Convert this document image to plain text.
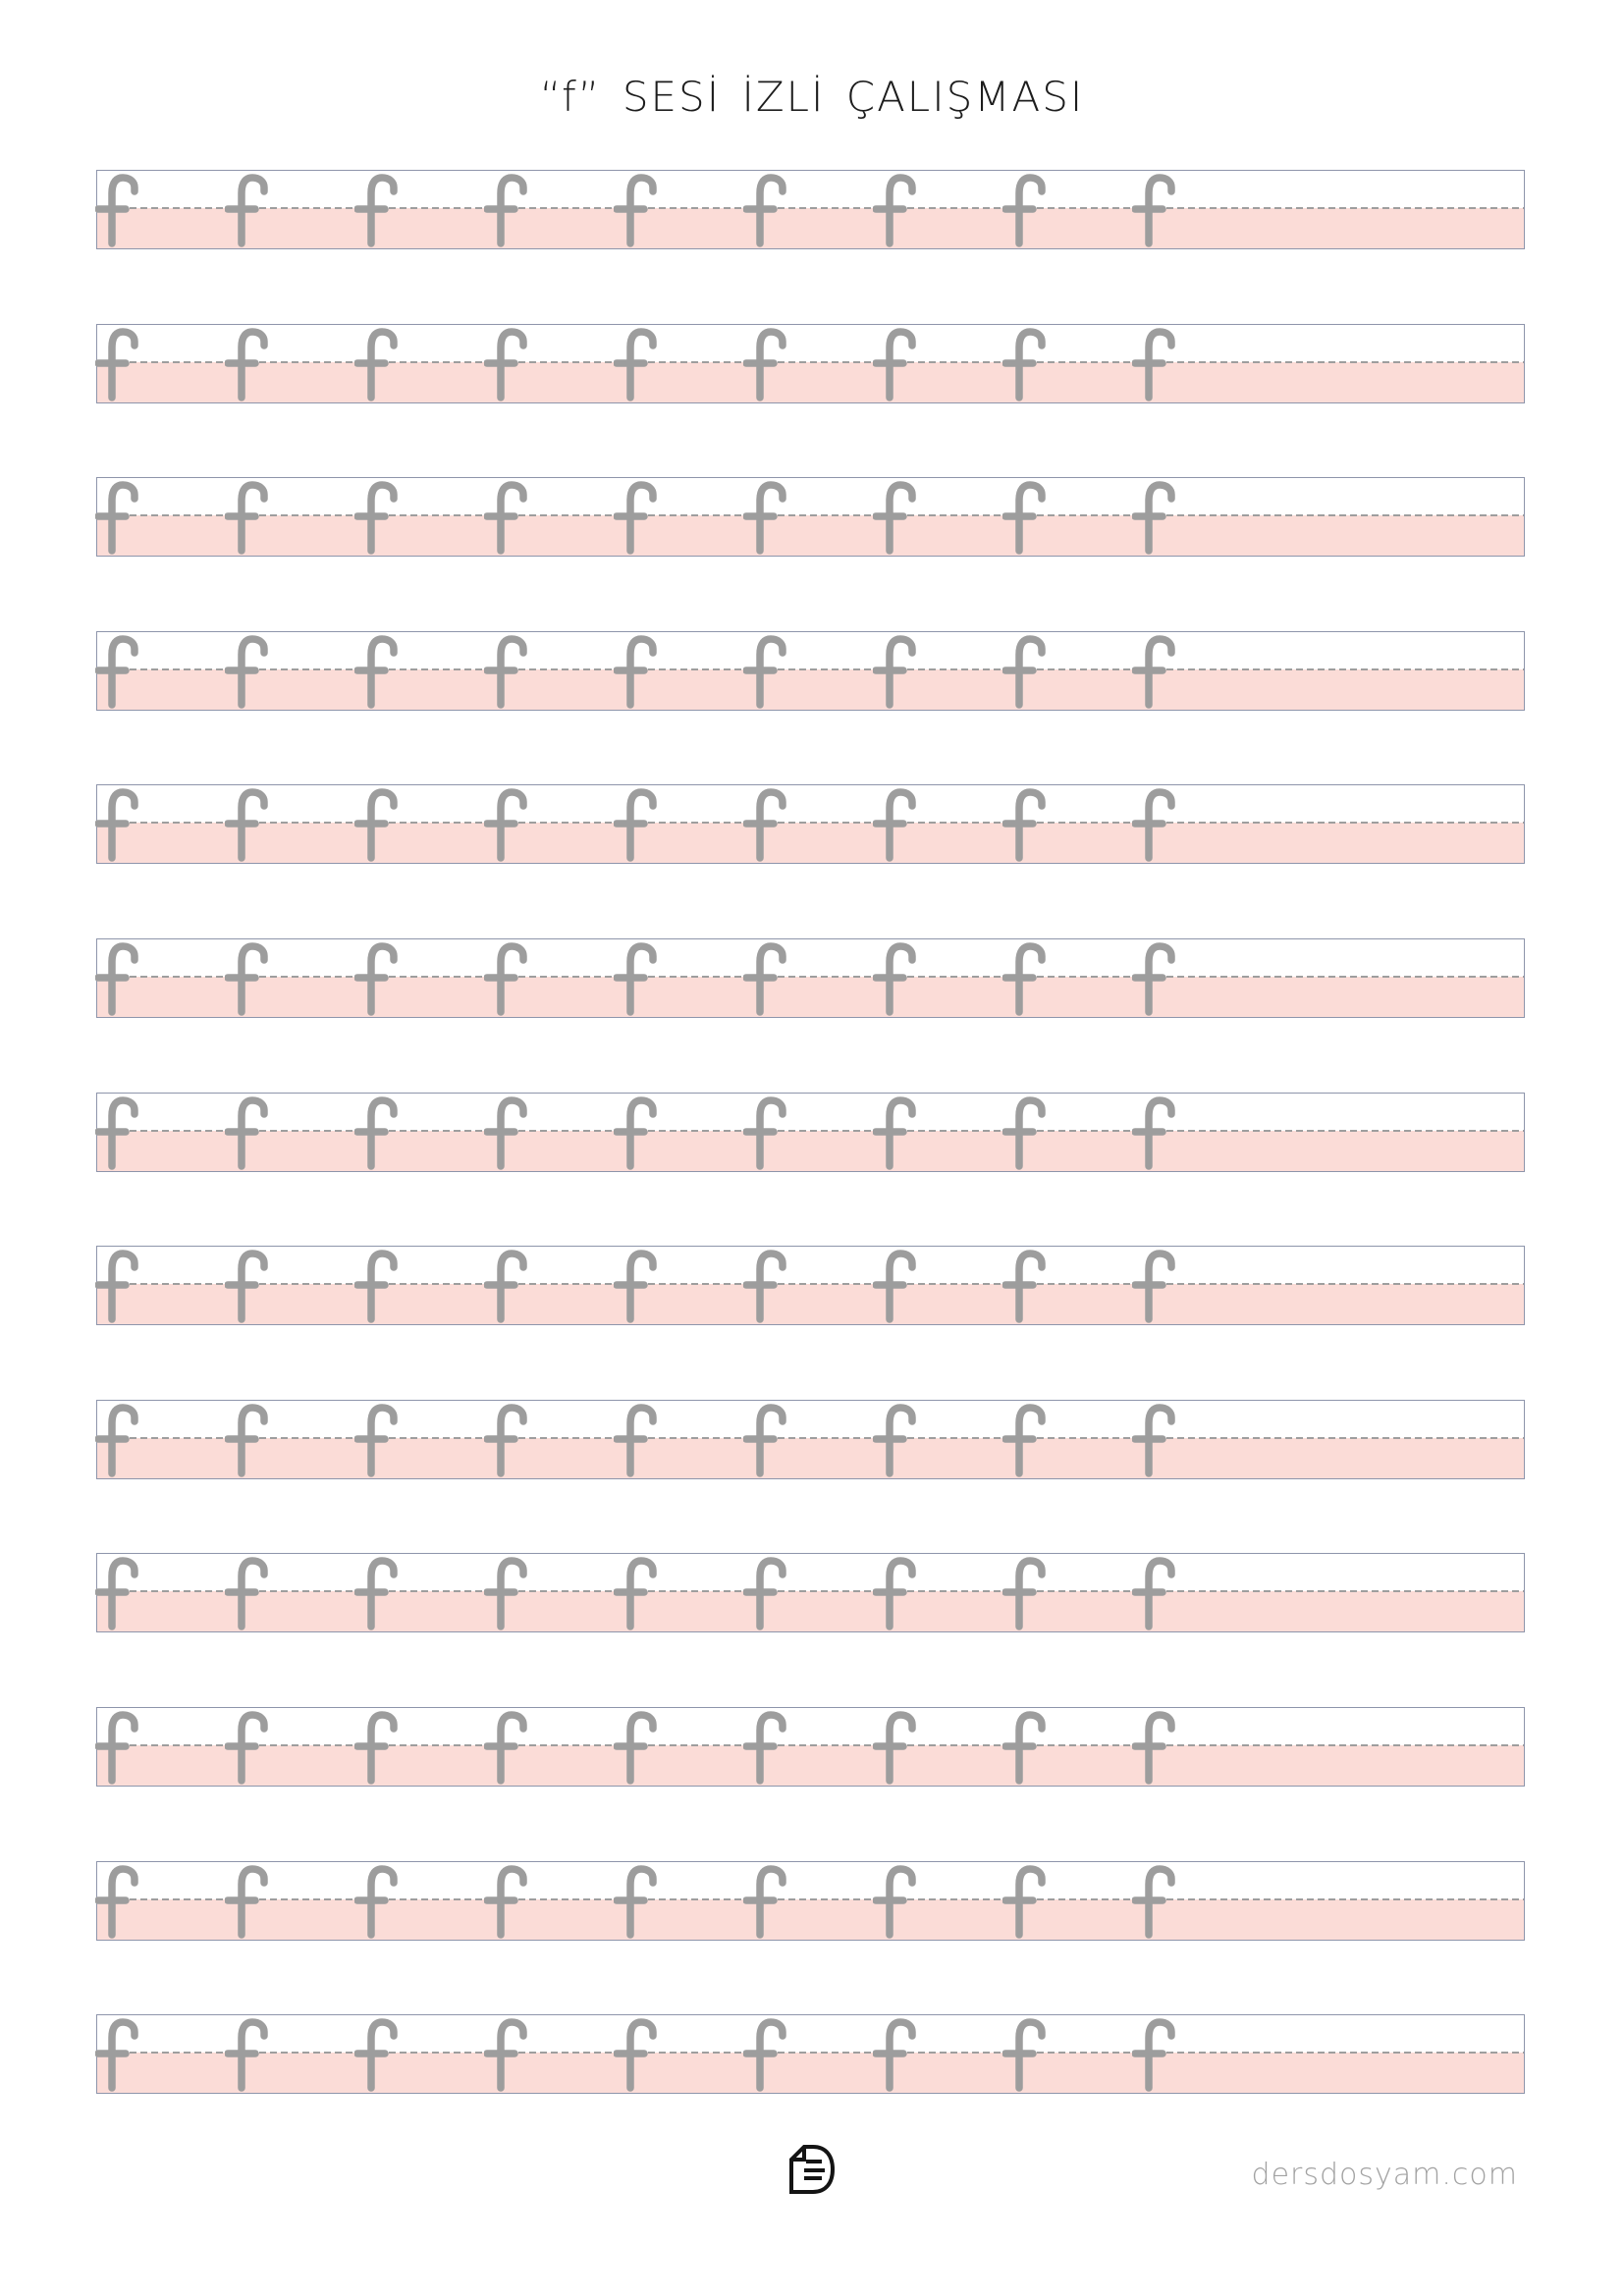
“f” SESİ İZLİ ÇALIŞMASI
dersdosyam.com
